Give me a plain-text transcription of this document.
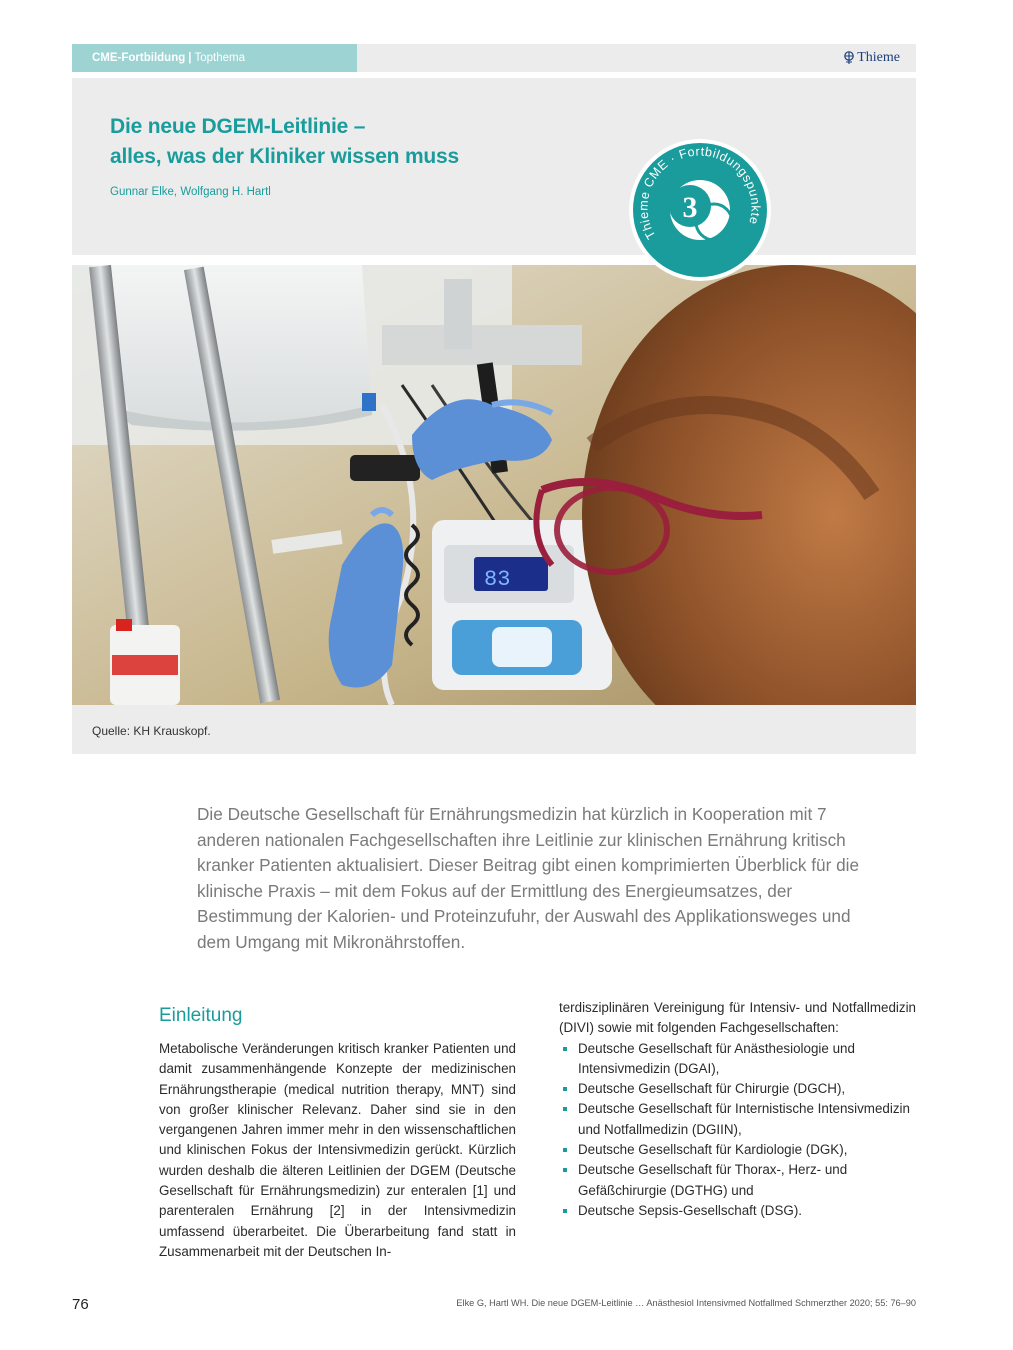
CME-Fortbildung | Topthema	Thieme
Die neue DGEM-Leitlinie –
alles, was der Kliniker wissen muss
Gunnar Elke, Wolfgang H. Hartl
Thieme CME · Fortbildungspunkte
3
83
Quelle: KH Krauskopf.

Die Deutsche Gesellschaft für Ernährungsmedizin hat kürzlich in Kooperation mit 7 anderen nationalen Fachgesellschaften ihre Leitlinie zur klinischen Ernährung kritisch kranker Patienten aktualisiert. Dieser Beitrag gibt einen komprimierten Überblick für die klinische Praxis – mit dem Fokus auf der Ermittlung des Energieumsatzes, der Bestimmung der Kalorien- und Proteinzufuhr, der Auswahl des Applikationsweges und dem Umgang mit Mikronährstoffen.

Einleitung

Metabolische Veränderungen kritisch kranker Patienten und damit zusammenhängende Konzepte der medizinischen Ernährungstherapie (medical nutrition therapy, MNT) sind von großer klinischer Relevanz. Daher sind sie in den vergangenen Jahren immer mehr in den wissenschaftlichen und klinischen Fokus der Intensivmedizin gerückt. Kürzlich wurden deshalb die älteren Leitlinien der DGEM (Deutsche Gesellschaft für Ernährungsmedizin) zur enteralen [1] und parenteralen Ernährung [2] in der Intensivmedizin umfassend überarbeitet. Die Überarbeitung fand statt in Zusammenarbeit mit der Deutschen In-

terdisziplinären Vereinigung für Intensiv- und Notfallmedizin (DIVI) sowie mit folgenden Fachgesellschaften:

Deutsche Gesellschaft für Anästhesiologie und Intensivmedizin (DGAI),
Deutsche Gesellschaft für Chirurgie (DGCH),
Deutsche Gesellschaft für Internistische Intensivmedizin und Notfallmedizin (DGIIN),
Deutsche Gesellschaft für Kardiologie (DGK),
Deutsche Gesellschaft für Thorax-, Herz- und Gefäßchirurgie (DGTHG) und
Deutsche Sepsis-Gesellschaft (DSG).
76	Elke G, Hartl WH. Die neue DGEM-Leitlinie … Anästhesiol Intensivmed Notfallmed Schmerzther 2020; 55: 76–90
